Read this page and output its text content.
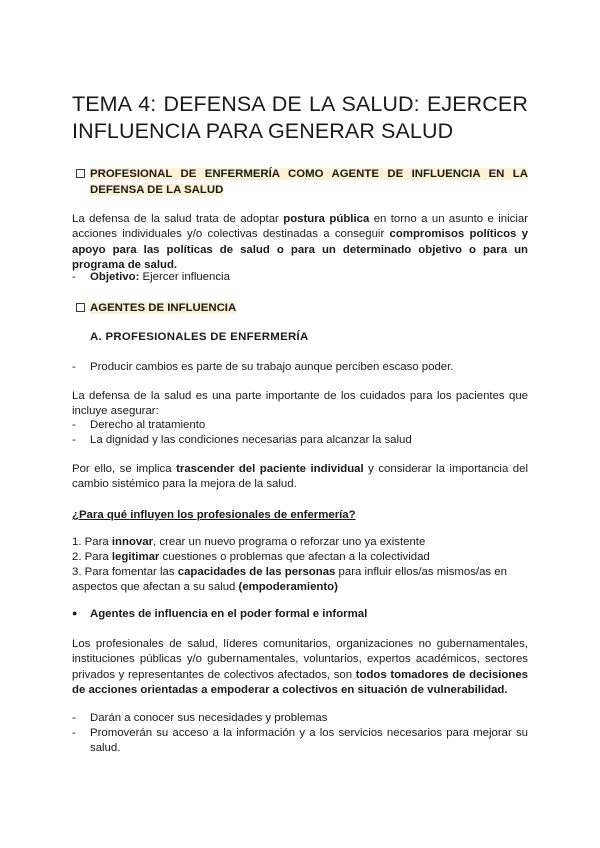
TEMA 4: DEFENSA DE LA SALUD: EJERCER INFLUENCIA PARA GENERAR SALUD

PROFESIONAL DE ENFERMERÍA COMO AGENTE DE INFLUENCIA EN LA DEFENSA DE LA SALUD

La defensa de la salud trata de adoptar postura pública en torno a un asunto e iniciar acciones individuales y/o colectivas destinadas a conseguir compromisos políticos y apoyo para las políticas de salud o para un determinado objetivo o para un programa de salud.

- Objetivo: Ejercer influencia

AGENTES DE INFLUENCIA

A. PROFESIONALES DE ENFERMERÍA

- Producir cambios es parte de su trabajo aunque perciben escaso poder.

La defensa de la salud es una parte importante de los cuidados para los pacientes que incluye asegurar:

- Derecho al tratamiento

- La dignidad y las condiciones necesarias para alcanzar la salud

Por ello, se implica trascender del paciente individual y considerar la importancia del cambio sistémico para la mejora de la salud.

¿Para qué influyen los profesionales de enfermería?

1. Para innovar, crear un nuevo programa o reforzar uno ya existente

2. Para legitimar cuestiones o problemas que afectan a la colectividad

3. Para fomentar las capacidades de las personas para influir ellos/as mismos/as en aspectos que afectan a su salud (empoderamiento)

● Agentes de influencia en el poder formal e informal

Los profesionales de salud, líderes comunitarios, organizaciones no gubernamentales, instituciones públicas y/o gubernamentales, voluntarios, expertos académicos, sectores privados y representantes de colectivos afectados, son todos tomadores de decisiones de acciones orientadas a empoderar a colectivos en situación de vulnerabilidad.

- Darán a conocer sus necesidades y problemas

- Promoverán su acceso a la información y a los servicios necesarios para mejorar su salud.
